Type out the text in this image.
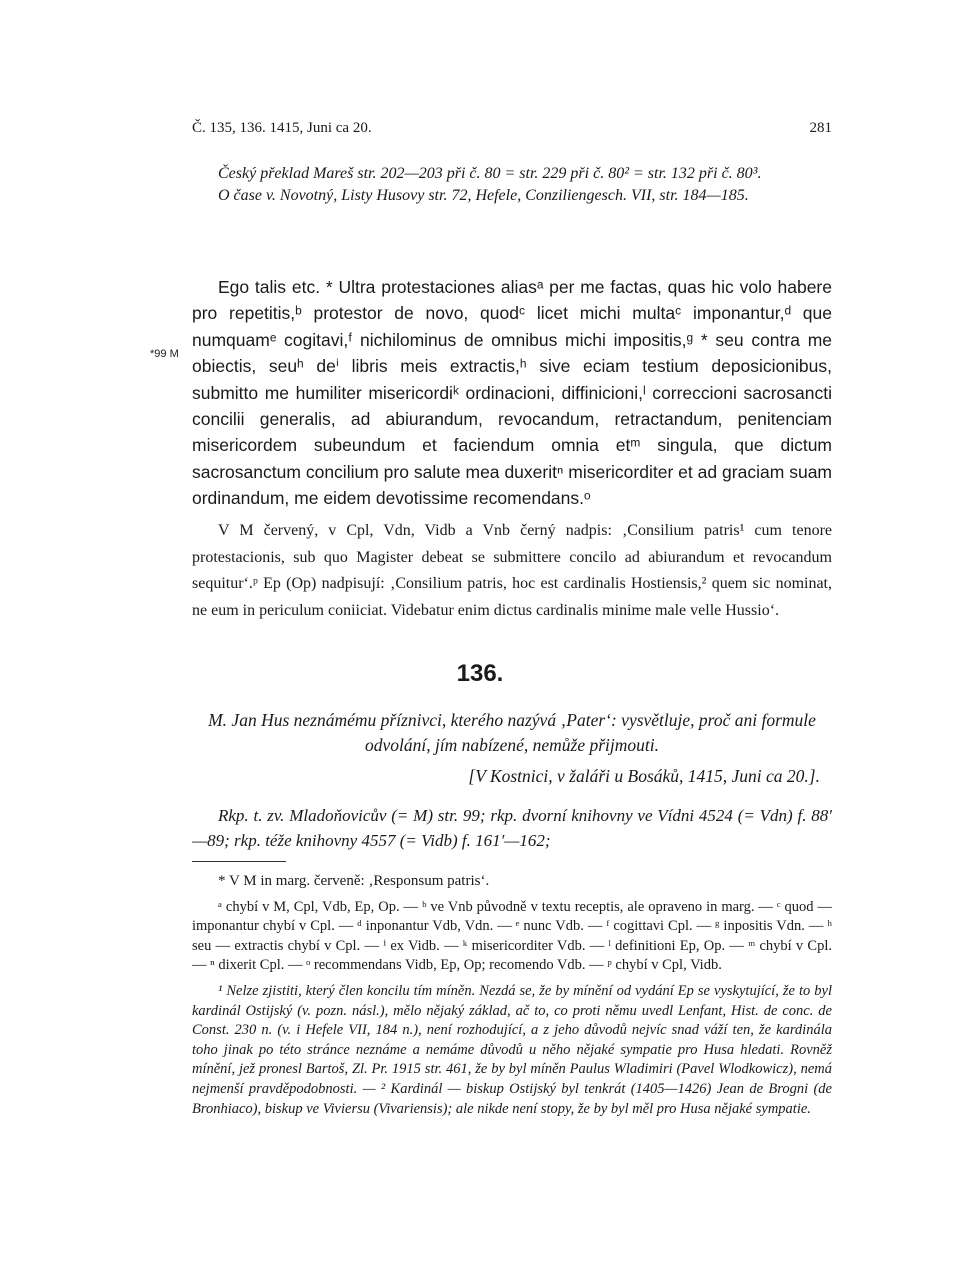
Č. 135, 136. 1415, Juni ca 20.	281
Český překlad Mareš str. 202—203 při č. 80 = str. 229 při č. 80² = str. 132 při č. 80³.
O čase v. Novotný, Listy Husovy str. 72, Hefele, Conziliengesch. VII, str. 184—185.
*99 M

Ego talis etc. * Ultra protestaciones aliasᵃ per me factas, quas hic volo habere pro repetitis,ᵇ protestor de novo, quodᶜ licet michi multaᶜ imponantur,ᵈ que numquamᵉ cogitavi,ᶠ nichilominus de omnibus michi impositis,ᵍ * seu contra me obiectis, seuʰ deⁱ libris meis extractis,ʰ sive eciam testium deposicionibus, submitto me humiliter misericordiᵏ ordinacioni, diffinicioni,ˡ correccioni sacrosancti concilii generalis, ad abiurandum, revocandum, retractandum, penitenciam misericordem subeundum et faciendum omnia etᵐ singula, que dictum sacrosanctum concilium pro salute mea duxeritⁿ misericorditer et ad graciam suam ordinandum, me eidem devotissime recomendans.ᵒ

V M červený, v Cpl, Vdn, Vidb a Vnb černý nadpis: ‚Consilium patris¹ cum tenore protestacionis, sub quo Magister debeat se submittere concilo ad abiurandum et revocandum sequitur‘.ᵖ Ep (Op) nadpisují: ‚Consilium patris, hoc est cardinalis Hostiensis,² quem sic nominat, ne eum in periculum coniiciat. Videbatur enim dictus cardinalis minime male velle Hussio‘.

136.
M. Jan Hus neznámému příznivci, kterého nazývá ‚Pater‘: vysvětluje, proč ani formule odvolání, jím nabízené, nemůže přijmouti.
[V Kostnici, v žaláři u Bosáků, 1415, Juni ca 20.].
Rkp. t. zv. Mladoňovicův (= M) str. 99; rkp. dvorní knihovny ve Vídni 4524 (= Vdn) f. 88′—89; rkp. téže knihovny 4557 (= Vidb) f. 161′—162;

* V M in marg. červeně: ‚Responsum patris‘.

ᵃ chybí v M, Cpl, Vdb, Ep, Op. — ᵇ ve Vnb původně v textu receptis, ale opraveno in marg. — ᶜ quod — imponantur chybí v Cpl. — ᵈ inponantur Vdb, Vdn. — ᵉ nunc Vdb. — ᶠ cogittavi Cpl. — ᵍ inpositis Vdn. — ʰ seu — extractis chybí v Cpl. — ⁱ ex Vidb. — ᵏ misericorditer Vdb. — ˡ definitioni Ep, Op. — ᵐ chybí v Cpl. — ⁿ dixerit Cpl. — ᵒ recommendans Vidb, Ep, Op; recomendo Vdb. — ᵖ chybí v Cpl, Vidb.

¹ Nelze zjistiti, který člen koncilu tím míněn. Nezdá se, že by mínění od vydání Ep se vyskytující, že to byl kardinál Ostijský (v. pozn. násl.), mělo nějaký základ, ač to, co proti němu uvedl Lenfant, Hist. de conc. de Const. 230 n. (v. i Hefele VII, 184 n.), není rozhodující, a z jeho důvodů nejvíc snad váží ten, že kardinála toho jinak po této stránce neznáme a nemáme důvodů u něho nějaké sympatie pro Husa hledati. Rovněž mínění, jež pronesl Bartoš, Zl. Pr. 1915 str. 461, že by byl míněn Paulus Wladimiri (Pavel Wlodkowicz), nemá nejmenší pravděpodobnosti. — ² Kardinál — biskup Ostijský byl tenkrát (1405—1426) Jean de Brogni (de Bronhiaco), biskup ve Viviersu (Vivariensis); ale nikde není stopy, že by byl měl pro Husa nějaké sympatie.
